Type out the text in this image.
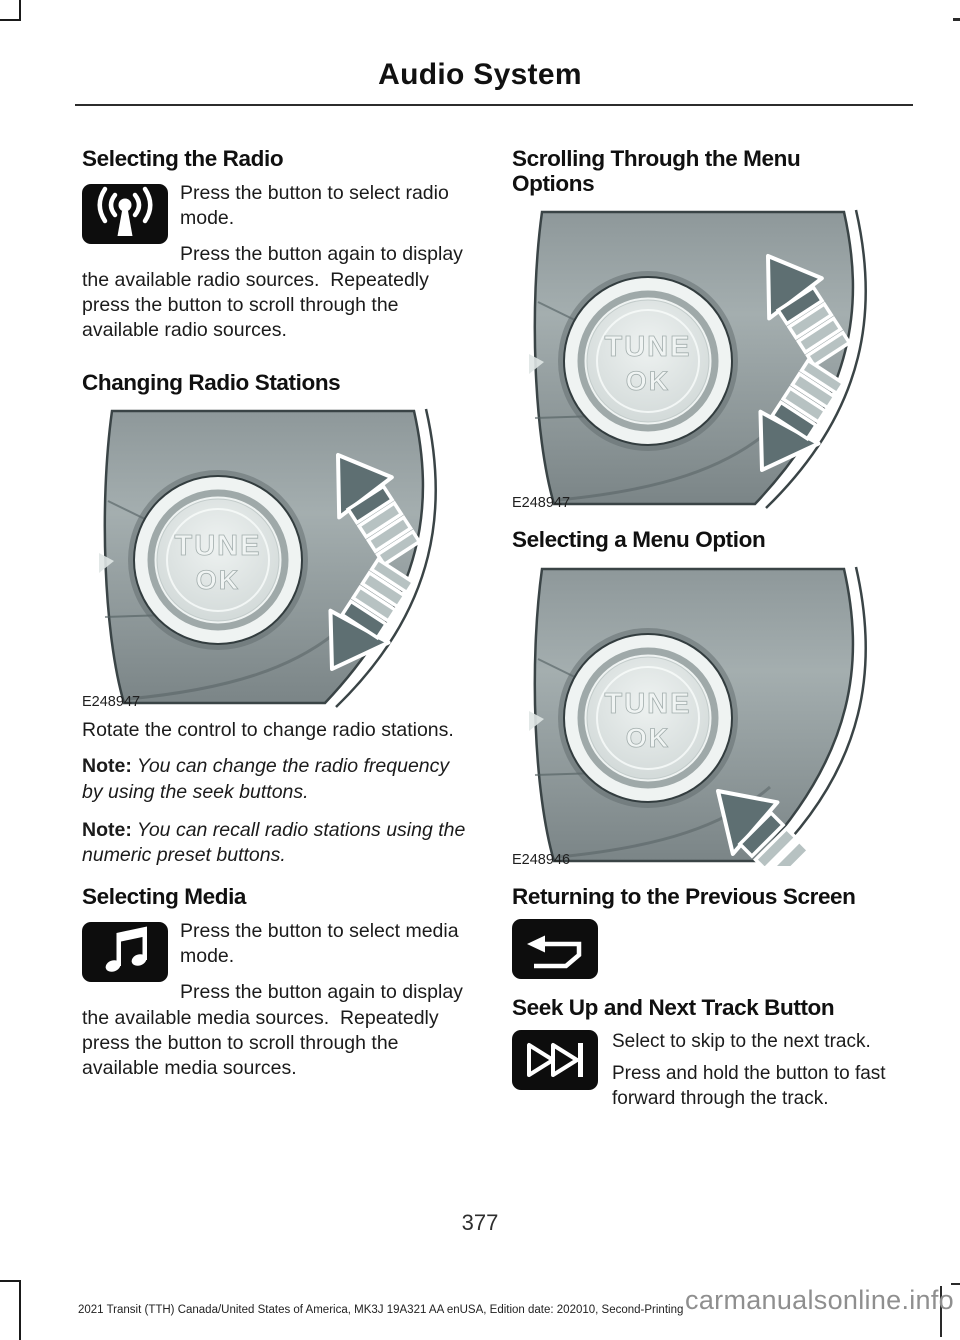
Audio System
Selecting the Radio

Press the button to select radio mode.

Press the button again to display the available radio sources.  Repeatedly press the button to scroll through the available radio sources.

Changing Radio Stations
TUNE
OK
E248947

Rotate the control to change radio stations.

Note: You can change the radio frequency by using the seek buttons.

Note: You can recall radio stations using the numeric preset buttons.

Selecting Media

Press the button to select media mode.

Press the button again to display the available media sources.  Repeatedly press the button to scroll through the available media sources.

Scrolling Through the Menu Options
TUNE
OK
E248947
Selecting a Menu Option
TUNE
OK
E248946
Returning to the Previous Screen
Seek Up and Next Track Button

Select to skip to the next track.

Press and hold the button to fast forward through the track.

377
2021 Transit (TTH) Canada/United States of America, MK3J 19A321 AA enUSA, Edition date: 202010, Second-Printing carmanualsonline.info
